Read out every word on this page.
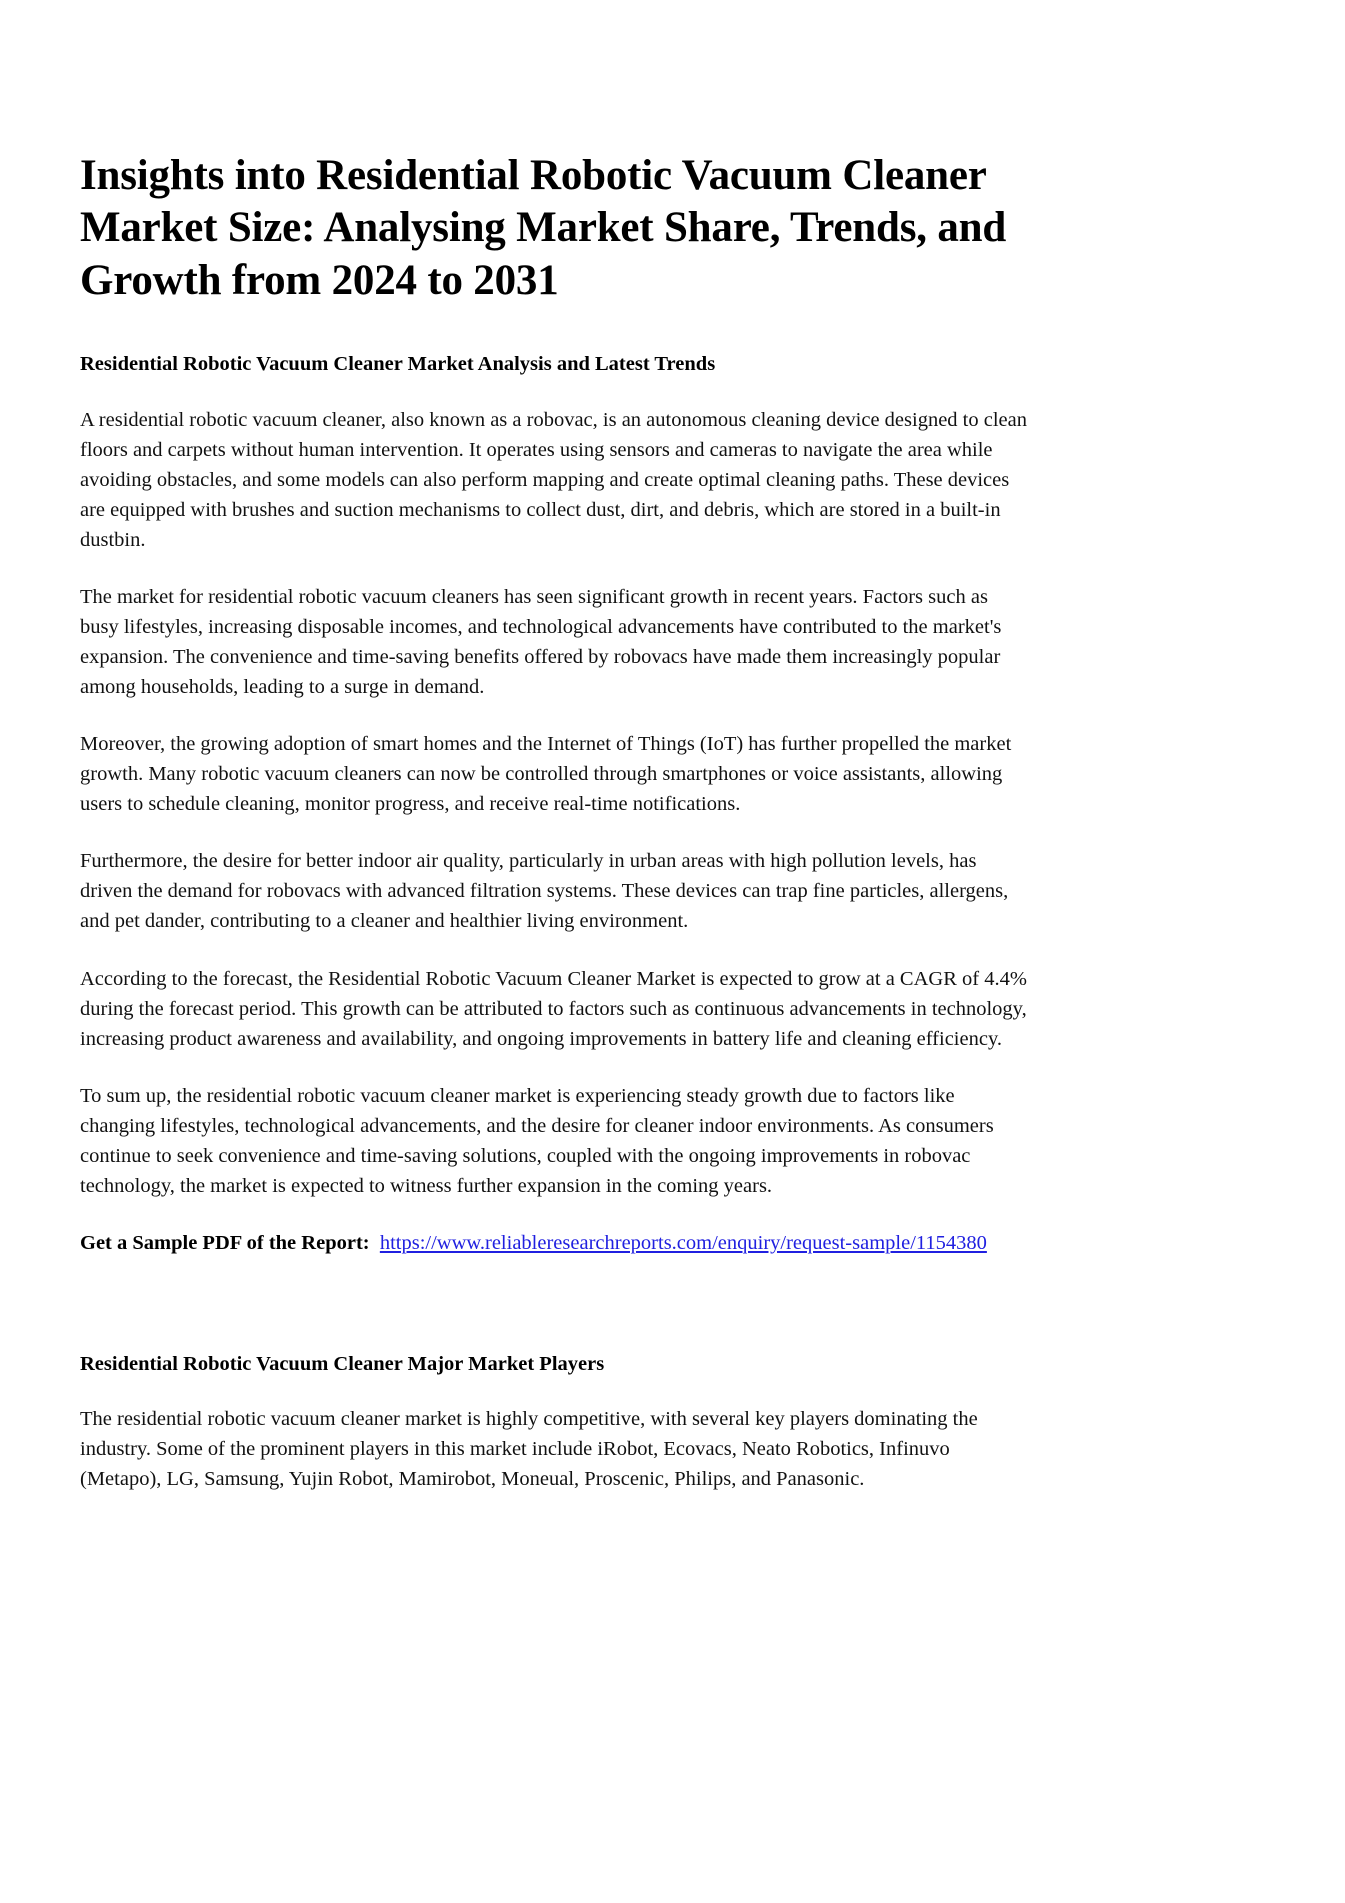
Insights into Residential Robotic Vacuum Cleaner Market Size: Analysing Market Share, Trends, and Growth from 2024 to 2031
Residential Robotic Vacuum Cleaner Market Analysis and Latest Trends

A residential robotic vacuum cleaner, also known as a robovac, is an autonomous cleaning device designed to clean floors and carpets without human intervention. It operates using sensors and cameras to navigate the area while avoiding obstacles, and some models can also perform mapping and create optimal cleaning paths. These devices are equipped with brushes and suction mechanisms to collect dust, dirt, and debris, which are stored in a built-in dustbin.

The market for residential robotic vacuum cleaners has seen significant growth in recent years. Factors such as busy lifestyles, increasing disposable incomes, and technological advancements have contributed to the market's expansion. The convenience and time-saving benefits offered by robovacs have made them increasingly popular among households, leading to a surge in demand.

Moreover, the growing adoption of smart homes and the Internet of Things (IoT) has further propelled the market growth. Many robotic vacuum cleaners can now be controlled through smartphones or voice assistants, allowing users to schedule cleaning, monitor progress, and receive real-time notifications.

Furthermore, the desire for better indoor air quality, particularly in urban areas with high pollution levels, has driven the demand for robovacs with advanced filtration systems. These devices can trap fine particles, allergens, and pet dander, contributing to a cleaner and healthier living environment.

According to the forecast, the Residential Robotic Vacuum Cleaner Market is expected to grow at a CAGR of 4.4% during the forecast period. This growth can be attributed to factors such as continuous advancements in technology, increasing product awareness and availability, and ongoing improvements in battery life and cleaning efficiency.

To sum up, the residential robotic vacuum cleaner market is experiencing steady growth due to factors like changing lifestyles, technological advancements, and the desire for cleaner indoor environments. As consumers continue to seek convenience and time-saving solutions, coupled with the ongoing improvements in robovac technology, the market is expected to witness further expansion in the coming years.

Get a Sample PDF of the Report: https://www.reliableresearchreports.com/enquiry/request-sample/1154380
Residential Robotic Vacuum Cleaner Major Market Players

The residential robotic vacuum cleaner market is highly competitive, with several key players dominating the industry. Some of the prominent players in this market include iRobot, Ecovacs, Neato Robotics, Infinuvo (Metapo), LG, Samsung, Yujin Robot, Mamirobot, Moneual, Proscenic, Philips, and Panasonic.
